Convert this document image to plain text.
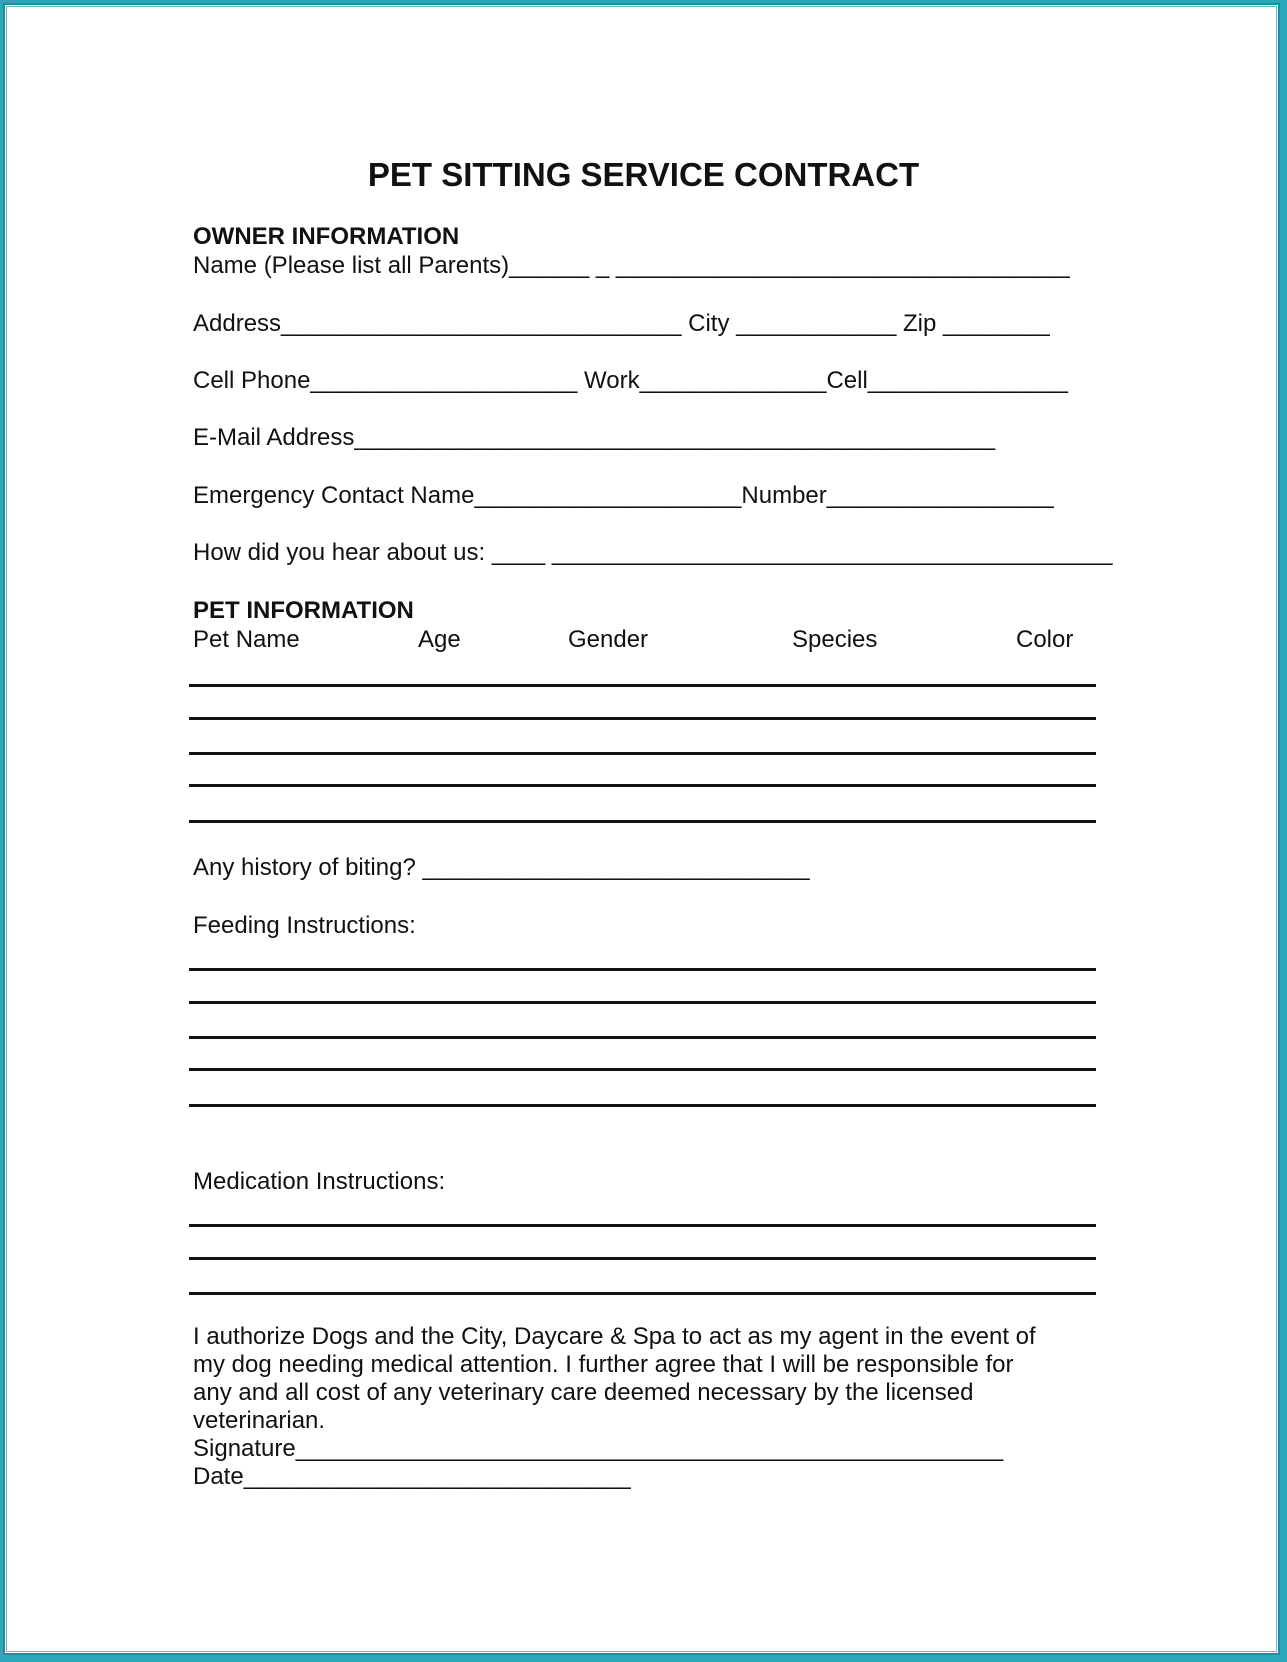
PET SITTING SERVICE CONTRACT
OWNER INFORMATION
Name (Please list all Parents)______ _ __________________________________
Address______________________________ City ____________ Zip ________
Cell Phone____________________ Work______________Cell_______________
E-Mail Address________________________________________________
Emergency Contact Name____________________Number_________________
How did you hear about us: ____ __________________________________________
PET INFORMATION
Pet Name	Age	Gender	Species	Color
Any history of biting? _____________________________
Feeding Instructions:
Medication Instructions:

I authorize Dogs and the City, Daycare & Spa to act as my agent in the event of

my dog needing medical attention. I further agree that I will be responsible for

any and all cost of any veterinary care deemed necessary by the licensed

veterinarian.

Signature_____________________________________________________

Date_____________________________
